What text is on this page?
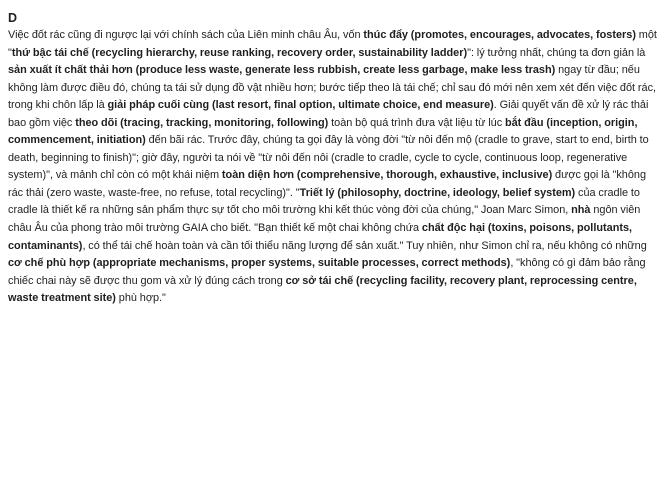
D

Việc đốt rác cũng đi ngược lại với chính sách của Liên minh châu Âu, vốn thúc đẩy (promotes, encourages, advocates, fosters) một "thứ bậc tái chế (recycling hierarchy, reuse ranking, recovery order, sustainability ladder)": lý tưởng nhất, chúng ta đơn giản là sản xuất ít chất thải hơn (produce less waste, generate less rubbish, create less garbage, make less trash) ngay từ đầu; nếu không làm được điều đó, chúng ta tái sử dụng đồ vật nhiều hơn; bước tiếp theo là tái chế; chỉ sau đó mới nên xem xét đến việc đốt rác, trong khi chôn lấp là giải pháp cuối cùng (last resort, final option, ultimate choice, end measure). Giải quyết vấn đề xử lý rác thải bao gồm việc theo dõi (tracing, tracking, monitoring, following) toàn bộ quá trình đưa vật liệu từ lúc bắt đầu (inception, origin, commencement, initiation) đến bãi rác. Trước đây, chúng ta gọi đây là vòng đời "từ nôi đến mộ (cradle to grave, start to end, birth to death, beginning to finish)"; giờ đây, người ta nói về "từ nôi đến nôi (cradle to cradle, cycle to cycle, continuous loop, regenerative system)", và mảnh chỉ còn có một khái niệm toàn diện hơn (comprehensive, thorough, exhaustive, inclusive) được gọi là "không rác thải (zero waste, waste-free, no refuse, total recycling)". "Triết lý (philosophy, doctrine, ideology, belief system) của cradle to cradle là thiết kế ra những sản phẩm thực sự tốt cho môi trường khi kết thúc vòng đời của chúng," Joan Marc Simon, nhà ngôn viên châu Âu của phong trào môi trường GAIA cho biết. "Bạn thiết kế một chai không chứa chất độc hại (toxins, poisons, pollutants, contaminants), có thể tái chế hoàn toàn và cần tối thiểu năng lượng để sản xuất." Tuy nhiên, như Simon chỉ ra, nếu không có những cơ chế phù hợp (appropriate mechanisms, proper systems, suitable processes, correct methods), "không có gì đảm bảo rằng chiếc chai này sẽ được thu gom và xử lý đúng cách trong cơ sở tái chế (recycling facility, recovery plant, reprocessing centre, waste treatment site) phù hợp."
